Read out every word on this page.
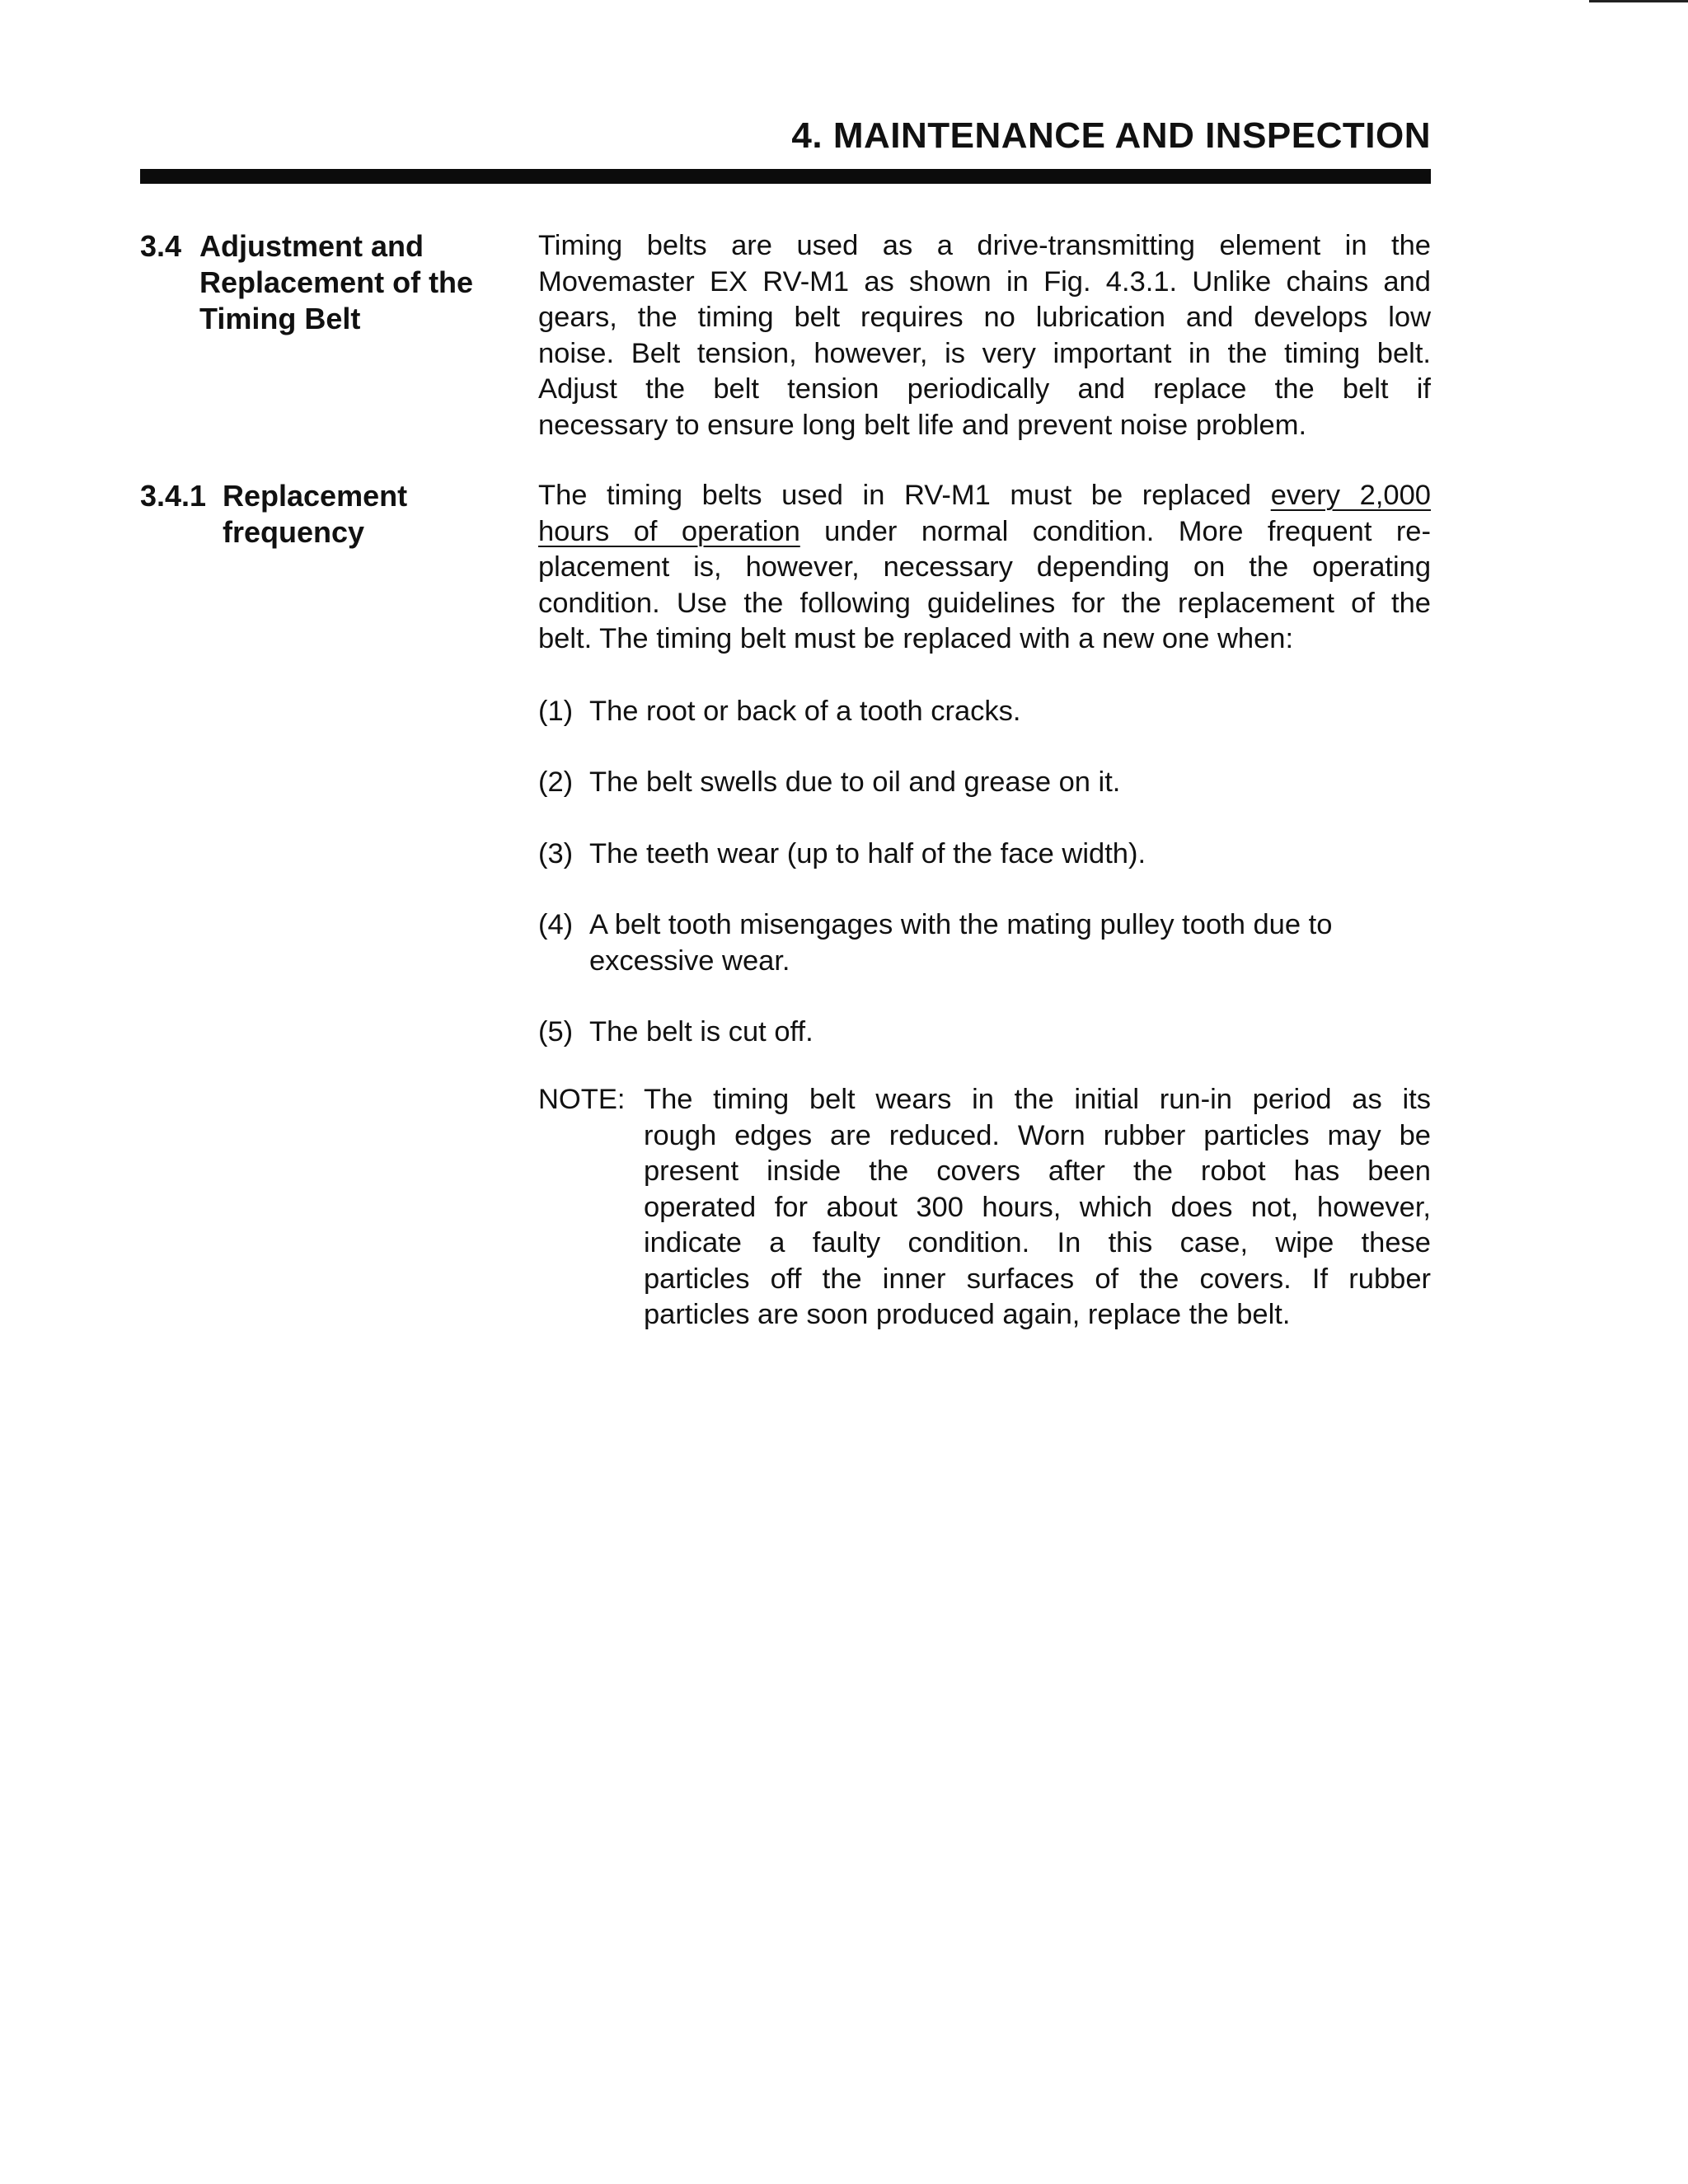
4. MAINTENANCE AND INSPECTION
3.4 Adjustment and
Replacement of the
Timing Belt
Timing belts are used as a drive-transmitting element in the
Movemaster EX RV-M1 as shown in Fig. 4.3.1. Unlike chains and
gears, the timing belt requires no lubrication and develops low
noise. Belt tension, however, is very important in the timing belt.
Adjust the belt tension periodically and replace the belt if
necessary to ensure long belt life and prevent noise problem.
3.4.1 Replacement
frequency
The timing belts used in RV-M1 must be replaced every 2,000
hours of operation under normal condition. More frequent re-
placement is, however, necessary depending on the operating
condition. Use the following guidelines for the replacement of the
belt. The timing belt must be replaced with a new one when:
(1) The root or back of a tooth cracks.
(2) The belt swells due to oil and grease on it.
(3) The teeth wear (up to half of the face width).
(4) A belt tooth misengages with the mating pulley tooth due to
excessive wear.
(5) The belt is cut off.
NOTE: The timing belt wears in the initial run-in period as its
rough edges are reduced. Worn rubber particles may be
present inside the covers after the robot has been
operated for about 300 hours, which does not, however,
indicate a faulty condition. In this case, wipe these
particles off the inner surfaces of the covers. If rubber
particles are soon produced again, replace the belt.
